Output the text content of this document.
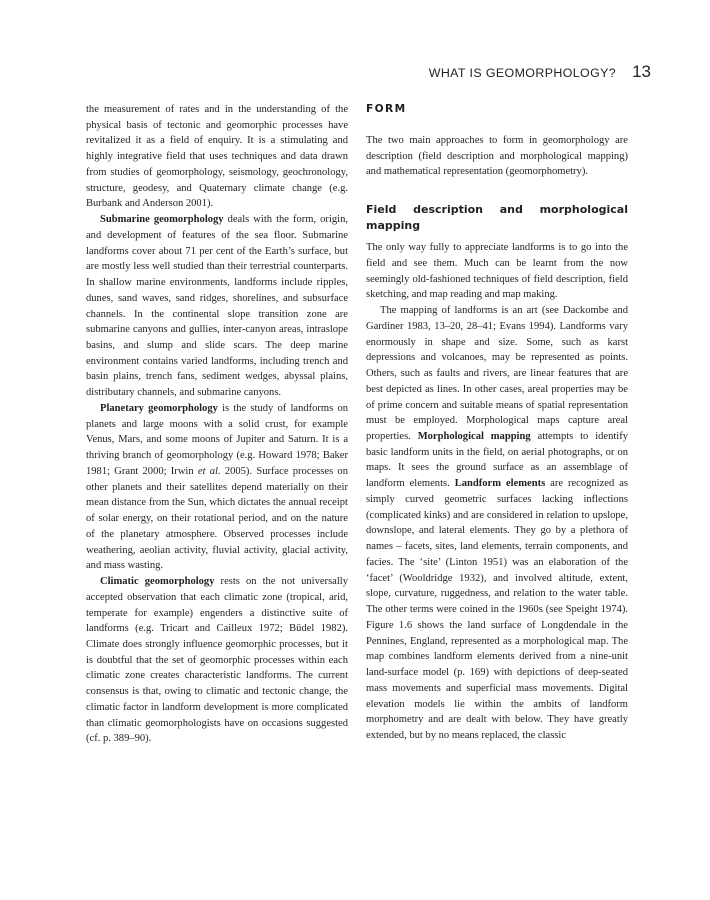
WHAT IS GEOMORPHOLOGY? 13

the measurement of rates and in the understanding of the physical basis of tectonic and geomorphic processes have revitalized it as a field of enquiry. It is a stimulating and highly integrative field that uses techniques and data drawn from studies of geomorphology, seismology, geochronology, structure, geodesy, and Quaternary climate change (e.g. Burbank and Anderson 2001).

Submarine geomorphology deals with the form, origin, and development of features of the sea floor. Submarine landforms cover about 71 per cent of the Earth’s surface, but are mostly less well studied than their terrestrial counterparts. In shallow marine environments, landforms include ripples, dunes, sand waves, sand ridges, shorelines, and subsurface channels. In the continental slope transition zone are submarine canyons and gullies, inter-canyon areas, intraslope basins, and slump and slide scars. The deep marine environment contains varied landforms, including trench and basin plains, trench fans, sediment wedges, abyssal plains, distributary channels, and submarine canyons.

Planetary geomorphology is the study of landforms on planets and large moons with a solid crust, for example Venus, Mars, and some moons of Jupiter and Saturn. It is a thriving branch of geomorphology (e.g. Howard 1978; Baker 1981; Grant 2000; Irwin et al. 2005). Surface processes on other planets and their satellites depend materially on their mean distance from the Sun, which dictates the annual receipt of solar energy, on their rotational period, and on the nature of the planetary atmosphere. Observed processes include weathering, aeolian activity, fluvial activity, glacial activity, and mass wasting.

Climatic geomorphology rests on the not universally accepted observation that each climatic zone (tropical, arid, temperate for example) engenders a distinctive suite of landforms (e.g. Tricart and Cailleux 1972; Büdel 1982). Climate does strongly influence geomorphic processes, but it is doubtful that the set of geomorphic processes within each climatic zone creates characteristic landforms. The current consensus is that, owing to climatic and tectonic change, the climatic factor in landform development is more complicated than climatic geomorphologists have on occasions suggested (cf. p. 389–90).

FORM

The two main approaches to form in geomorphology are description (field description and morphological mapping) and mathematical representation (geomorphometry).

Field description and morphological mapping

The only way fully to appreciate landforms is to go into the field and see them. Much can be learnt from the now seemingly old-fashioned techniques of field description, field sketching, and map reading and map making.

The mapping of landforms is an art (see Dackombe and Gardiner 1983, 13–20, 28–41; Evans 1994). Landforms vary enormously in shape and size. Some, such as karst depressions and volcanoes, may be represented as points. Others, such as faults and rivers, are linear features that are best depicted as lines. In other cases, areal properties may be of prime concern and suitable means of spatial representation must be employed. Morphological maps capture areal properties. Morphological mapping attempts to identify basic landform units in the field, on aerial photographs, or on maps. It sees the ground surface as an assemblage of landform elements. Landform elements are recognized as simply curved geometric surfaces lacking inflections (complicated kinks) and are considered in relation to upslope, downslope, and lateral elements. They go by a plethora of names – facets, sites, land elements, terrain components, and facies. The ‘site’ (Linton 1951) was an elaboration of the ‘facet’ (Wooldridge 1932), and involved altitude, extent, slope, curvature, ruggedness, and relation to the water table. The other terms were coined in the 1960s (see Speight 1974). Figure 1.6 shows the land surface of Longdendale in the Pennines, England, represented as a morphological map. The map combines landform elements derived from a nine-unit land-surface model (p. 169) with depictions of deep-seated mass movements and superficial mass movements. Digital elevation models lie within the ambits of landform morphometry and are dealt with below. They have greatly extended, but by no means replaced, the classic
